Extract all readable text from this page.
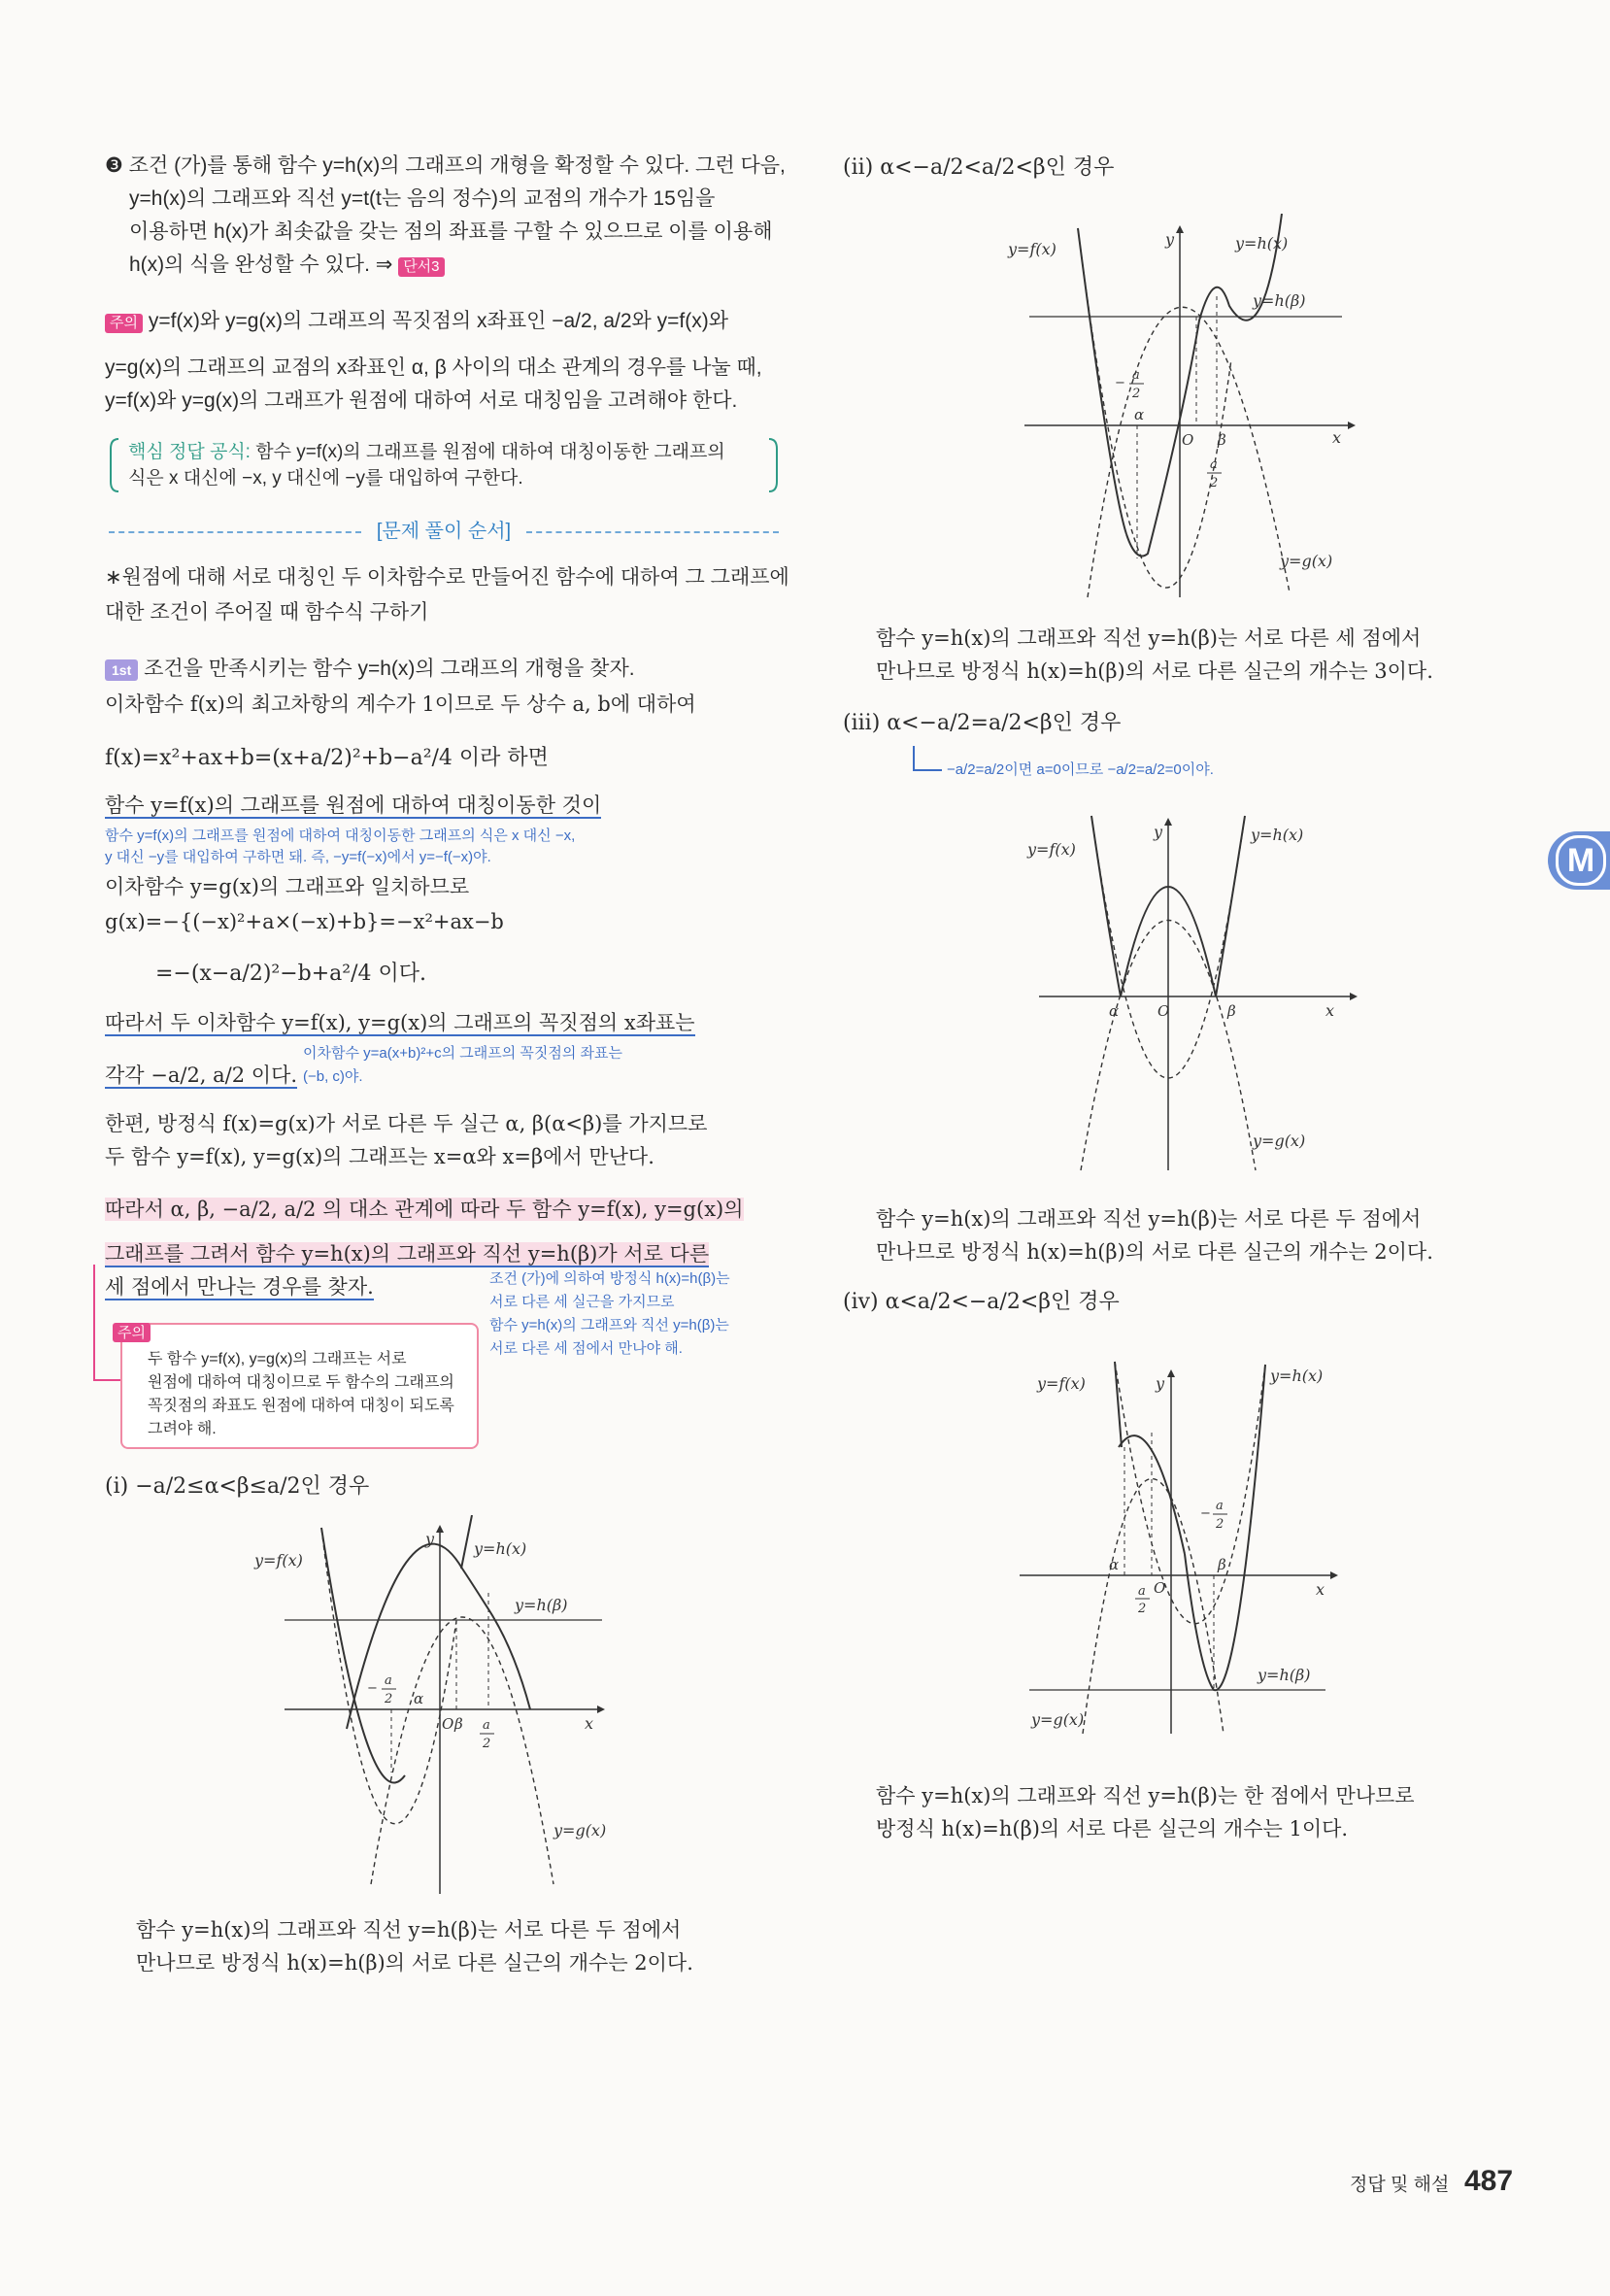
❸ 조건 (가)를 통해 함수 y=h(x)의 그래프의 개형을 확정할 수 있다. 그런 다음,
y=h(x)의 그래프와 직선 y=t(t는 음의 정수)의 교점의 개수가 15임을
이용하면 h(x)가 최솟값을 갖는 점의 좌표를 구할 수 있으므로 이를 이용해
h(x)의 식을 완성할 수 있다. ⇒ 단서3
주의 y=f(x)와 y=g(x)의 그래프의 꼭짓점의 x좌표인 −a/2, a/2와 y=f(x)와
y=g(x)의 그래프의 교점의 x좌표인 α, β 사이의 대소 관계의 경우를 나눌 때,
y=f(x)와 y=g(x)의 그래프가 원점에 대하여 서로 대칭임을 고려해야 한다.
핵심 정답 공식: 함수 y=f(x)의 그래프를 원점에 대하여 대칭이동한 그래프의
식은 x 대신에 −x, y 대신에 −y를 대입하여 구한다.
[문제 풀이 순서]
∗원점에 대해 서로 대칭인 두 이차함수로 만들어진 함수에 대하여 그 그래프에
대한 조건이 주어질 때 함수식 구하기
1st 조건을 만족시키는 함수 y=h(x)의 그래프의 개형을 찾자.
이차함수 f(x)의 최고차항의 계수가 1이므로 두 상수 a, b에 대하여
f(x)=x²+ax+b=(x+a/2)²+b−a²/4 이라 하면
함수 y=f(x)의 그래프를 원점에 대하여 대칭이동한 것이
함수 y=f(x)의 그래프를 원점에 대하여 대칭이동한 그래프의 식은 x 대신 −x,
y 대신 −y를 대입하여 구하면 돼. 즉, −y=f(−x)에서 y=−f(−x)야.
이차함수 y=g(x)의 그래프와 일치하므로
g(x)=−{(−x)²+a×(−x)+b}=−x²+ax−b
=−(x−a/2)²−b+a²/4 이다.
따라서 두 이차함수 y=f(x), y=g(x)의 그래프의 꼭짓점의 x좌표는
각각 −a/2, a/2 이다.
이차함수 y=a(x+b)²+c의 그래프의 꼭짓점의 좌표는
(−b, c)야.
한편, 방정식 f(x)=g(x)가 서로 다른 두 실근 α, β(α<β)를 가지므로
두 함수 y=f(x), y=g(x)의 그래프는 x=α와 x=β에서 만난다.
따라서 α, β, −a/2, a/2 의 대소 관계에 따라 두 함수 y=f(x), y=g(x)의
그래프를 그려서 함수 y=h(x)의 그래프와 직선 y=h(β)가 서로 다른
세 점에서 만나는 경우를 찾자.	조건 (가)에 의하여 방정식 h(x)=h(β)는
서로 다른 세 실근을 가지므로
함수 y=h(x)의 그래프와 직선 y=h(β)는
서로 다른 세 점에서 만나야 해.
주의
두 함수 y=f(x), y=g(x)의 그래프는 서로
원점에 대하여 대칭이므로 두 함수의 그래프의
꼭짓점의 좌표도 원점에 대하여 대칭이 되도록
그려야 해.
(i) −a/2≤α<β≤a/2인 경우
y=f(x)
y=h(x)
y=h(β)
y=g(x)
x
y
O
α
β
−
a
2
a
2
함수 y=h(x)의 그래프와 직선 y=h(β)는 서로 다른 두 점에서
만나므로 방정식 h(x)=h(β)의 서로 다른 실근의 개수는 2이다.
(ii) α<−a/2<a/2<β인 경우
y=f(x)	y=h(x)
y=h(β)
y=g(x)
x
y
O
α
β
−
a
2
a
2
함수 y=h(x)의 그래프와 직선 y=h(β)는 서로 다른 세 점에서
만나므로 방정식 h(x)=h(β)의 서로 다른 실근의 개수는 3이다.
(iii) α<−a/2=a/2<β인 경우
−a/2=a/2이면 a=0이므로 −a/2=a/2=0이야.
y=f(x)
y=h(x)
y=g(x)
x
y
O
α	β
함수 y=h(x)의 그래프와 직선 y=h(β)는 서로 다른 두 점에서
만나므로 방정식 h(x)=h(β)의 서로 다른 실근의 개수는 2이다.
(iv) α<a/2<−a/2<β인 경우
y=f(x)	y=h(x)
y=h(β)
y=g(x)
x
y
O
α	β
a
2
−
a
2
함수 y=h(x)의 그래프와 직선 y=h(β)는 한 점에서 만나므로
방정식 h(x)=h(β)의 서로 다른 실근의 개수는 1이다.
M
정답 및 해설 487
